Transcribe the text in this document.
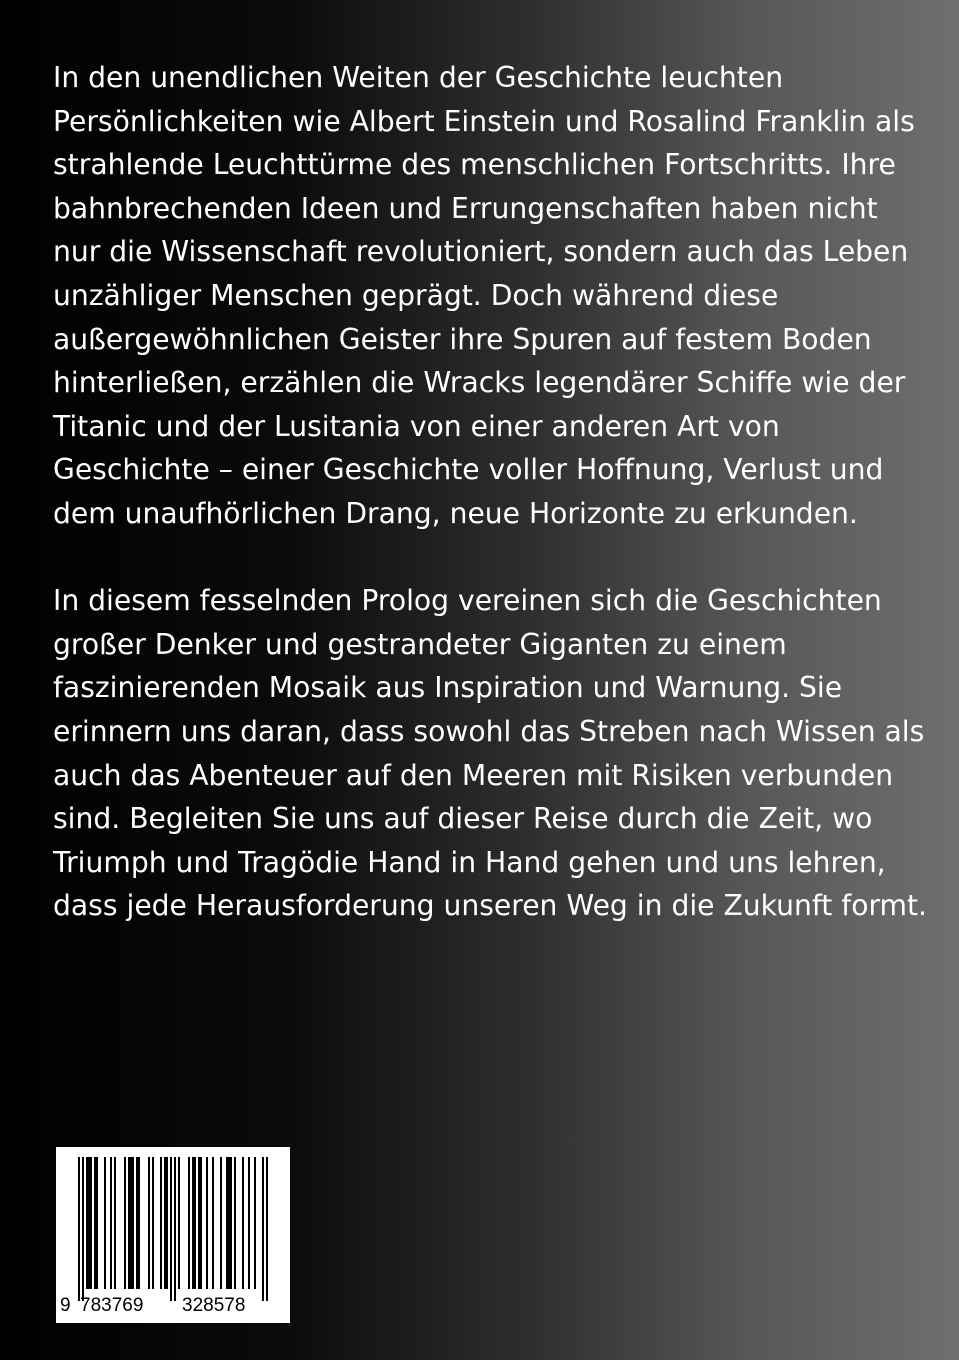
In den unendlichen Weiten der Geschichte leuchten Persönlichkeiten wie Albert Einstein und Rosalind Franklin als strahlende Leuchttürme des menschlichen Fortschritts. Ihre bahnbrechenden Ideen und Errungenschaften haben nicht nur die Wissenschaft revolutioniert, sondern auch das Leben unzähliger Menschen geprägt. Doch während diese außergewöhnlichen Geister ihre Spuren auf festem Boden hinterließen, erzählen die Wracks legendärer Schiffe wie der Titanic und der Lusitania von einer anderen Art von Geschichte – einer Geschichte voller Hoffnung, Verlust und dem unaufhörlichen Drang, neue Horizonte zu erkunden.

In diesem fesselnden Prolog vereinen sich die Geschichten großer Denker und gestrandeter Giganten zu einem faszinierenden Mosaik aus Inspiration und Warnung. Sie erinnern uns daran, dass sowohl das Streben nach Wissen als auch das Abenteuer auf den Meeren mit Risiken verbunden sind. Begleiten Sie uns auf dieser Reise durch die Zeit, wo Triumph und Tragödie Hand in Hand gehen und uns lehren, dass jede Herausforderung unseren Weg in die Zukunft formt.

9 783769 328578
